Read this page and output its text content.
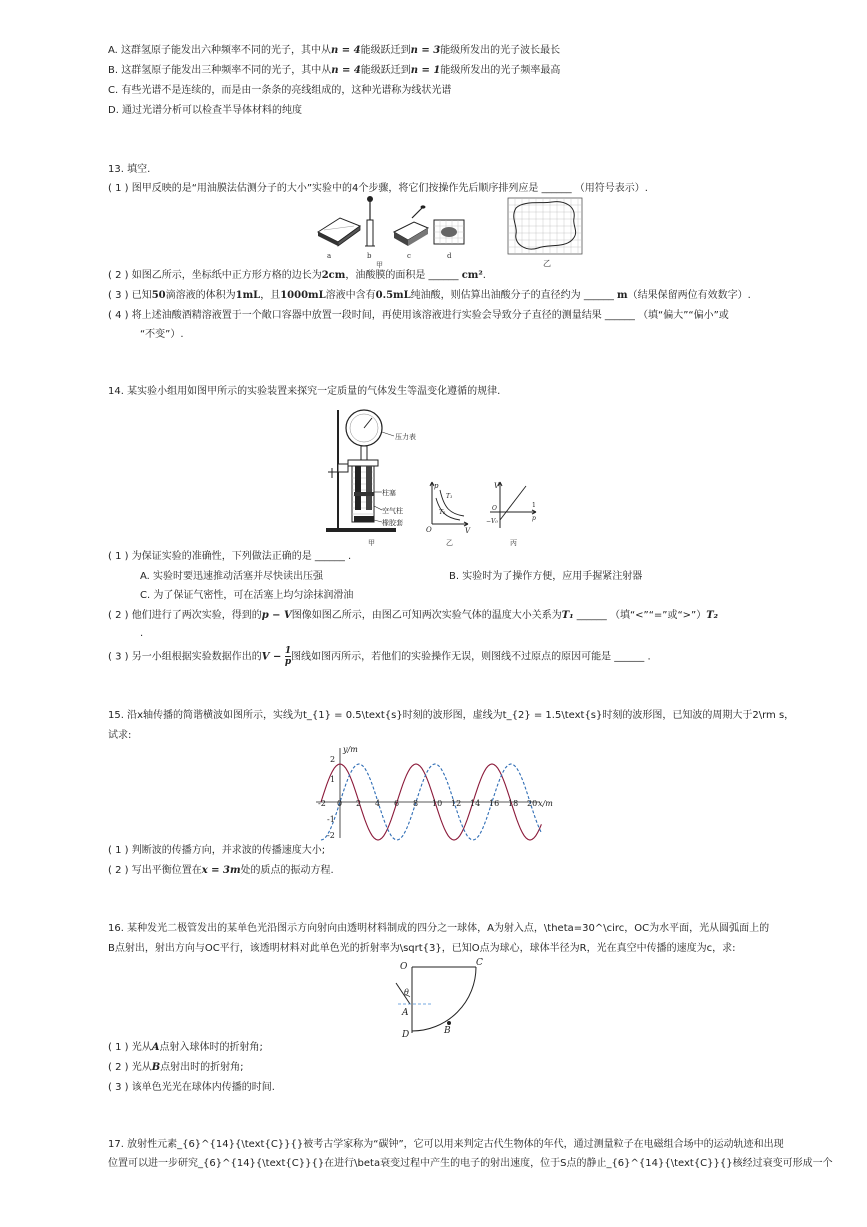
A. 这群氢原子能发出六种频率不同的光子，其中从n = 4能级跃迁到n = 3能级所发出的光子波长最长
B. 这群氢原子能发出三种频率不同的光子，其中从n = 4能级跃迁到n = 1能级所发出的光子频率最高
C. 有些光谱不是连续的，而是由一条条的亮线组成的，这种光谱称为线状光谱
D. 通过光谱分析可以检查半导体材料的纯度
13. 填空.
( 1 ) 图甲反映的是“用油膜法估测分子的大小”实验中的4个步骤，将它们按操作先后顺序排列应是 ______ （用符号表示）.
a	b	c	d
甲	乙
( 2 ) 如图乙所示，坐标纸中正方形方格的边长为2cm，油酸膜的面积是 ______ cm².
( 3 ) 已知50滴溶液的体积为1mL，且1000mL溶液中含有0.5mL纯油酸，则估算出油酸分子的直径约为 ______ m（结果保留两位有效数字）.
( 4 ) 将上述油酸酒精溶液置于一个敞口容器中放置一段时间，再使用该溶液进行实验会导致分子直径的测量结果 ______ （填“偏大”“偏小”或
“不变”）.
14. 某实验小组用如图甲所示的实验装置来探究一定质量的气体发生等温变化遵循的规律.
压力表
柱塞
空气柱
橡胶套
p
V
O
T₁
T₂
V
1
p
O
−V₀
甲	乙	丙
( 1 ) 为保证实验的准确性，下列做法正确的是 ______ .
A. 实验时要迅速推动活塞并尽快读出压强	B. 实验时为了操作方便，应用手握紧注射器
C. 为了保证气密性，可在活塞上均匀涂抹润滑油
( 2 ) 他们进行了两次实验，得到的p − V图像如图乙所示，由图乙可知两次实验气体的温度大小关系为T₁ ______ （填“<”“=”或“>”）T₂
.
( 3 ) 另一小组根据实验数据作出的$V - \frac{1}{p}$ 图线如图丙所示，若他们的实验操作无误，则图线不过原点的原因可能是 ______ .
15. 沿x轴传播的简谐横波如图所示，实线为t_{1} = 0.5\text{s}时刻的波形图，虚线为t_{2} = 1.5\text{s}时刻的波形图，已知波的周期大于2\rm s，
试求:
y/m
x/m
2
1
-1
-2
-2 0 2 4 6 8 10 12 14 16 18 20
( 1 ) 判断波的传播方向，并求波的传播速度大小;
( 2 ) 写出平衡位置在x = 3m处的质点的振动方程.
16. 某种发光二极管发出的某单色光沿图示方向射向由透明材料制成的四分之一球体，A为射入点，\theta=30^\circ，OC为水平面，光从圆弧面上的
B点射出，射出方向与OC平行，该透明材料对此单色光的折射率为\sqrt{3}，已知O点为球心，球体半径为R，光在真空中传播的速度为c，求:
O	C
θ
A
B
D
( 1 ) 光从A点射入球体时的折射角;
( 2 ) 光从B点射出时的折射角;
( 3 ) 该单色光光在球体内传播的时间.
17. 放射性元素_{6}^{14}{\text{C}}{}被考古学家称为“碳钟”，它可以用来判定古代生物体的年代，通过测量粒子在电磁组合场中的运动轨迹和出现
位置可以进一步研究_{6}^{14}{\text{C}}{}在进行\beta衰变过程中产生的电子的射出速度，位于S点的静止_{6}^{14}{\text{C}}{}核经过衰变可形成一个
